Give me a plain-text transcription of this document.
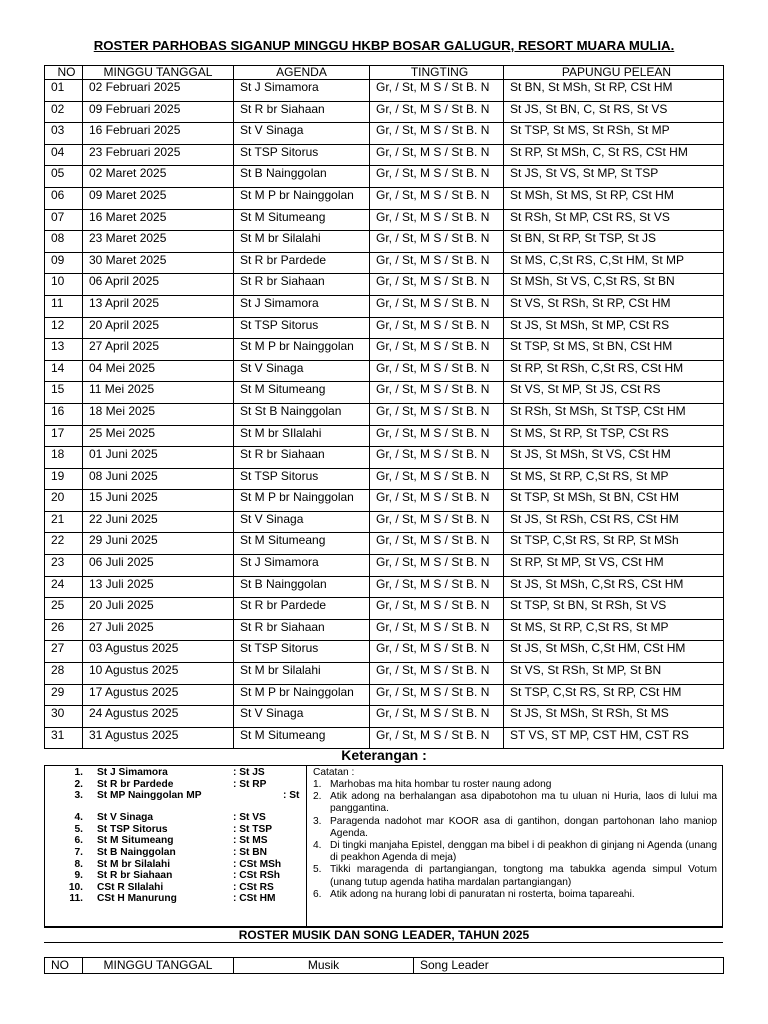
ROSTER PARHOBAS SIGANUP MINGGU HKBP BOSAR GALUGUR, RESORT MUARA MULIA.
NO	MINGGU TANGGAL	AGENDA	TINGTING	PAPUNGU PELEAN
01	02 Februari 2025	St J Simamora	Gr, / St, M S / St B. N	St BN, St MSh, St RP, CSt HM
02	09 Februari 2025	St R br Siahaan	Gr, / St, M S / St B. N	St JS, St BN, C, St RS, St VS
03	16 Februari 2025	St V Sinaga	Gr, / St, M S / St B. N	St TSP, St MS, St RSh, St MP
04	23 Februari 2025	St TSP Sitorus	Gr, / St, M S / St B. N	St RP, St MSh, C, St RS, CSt HM
05	02 Maret 2025	St B Nainggolan	Gr, / St, M S / St B. N	St JS, St VS, St MP, St TSP
06	09 Maret 2025	St M P br Nainggolan	Gr, / St, M S / St B. N	St MSh, St MS, St RP, CSt HM
07	16 Maret 2025	St M Situmeang	Gr, / St, M S / St B. N	St RSh, St MP, CSt RS, St VS
08	23 Maret 2025	St M br Silalahi	Gr, / St, M S / St B. N	St BN, St RP, St TSP, St JS
09	30 Maret 2025	St R br Pardede	Gr, / St, M S / St B. N	St MS, C,St RS, C,St HM, St MP
10	06 April 2025	St R br Siahaan	Gr, / St, M S / St B. N	St MSh, St VS, C,St RS, St BN
11	13 April 2025	St J Simamora	Gr, / St, M S / St B. N	St VS, St RSh, St RP, CSt HM
12	20 April 2025	St TSP Sitorus	Gr, / St, M S / St B. N	St JS, St MSh, St MP, CSt RS
13	27 April 2025	St M P br Nainggolan	Gr, / St, M S / St B. N	St TSP, St MS, St BN, CSt HM
14	04 Mei 2025	St V Sinaga	Gr, / St, M S / St B. N	St RP, St RSh, C,St RS, CSt HM
15	11 Mei 2025	St M Situmeang	Gr, / St, M S / St B. N	St VS, St MP, St JS, CSt RS
16	18 Mei 2025	St St B Nainggolan	Gr, / St, M S / St B. N	St RSh, St MSh, St TSP, CSt HM
17	25 Mei 2025	St M br SIlalahi	Gr, / St, M S / St B. N	St MS, St RP, St TSP, CSt RS
18	01 Juni 2025	St R br Siahaan	Gr, / St, M S / St B. N	St JS, St MSh, St VS, CSt HM
19	08 Juni 2025	St TSP Sitorus	Gr, / St, M S / St B. N	St MS, St RP, C,St RS, St MP
20	15 Juni 2025	St M P br Nainggolan	Gr, / St, M S / St B. N	St TSP, St MSh, St BN, CSt HM
21	22 Juni 2025	St V Sinaga	Gr, / St, M S / St B. N	St JS, St RSh, CSt RS, CSt HM
22	29 Juni 2025	St M Situmeang	Gr, / St, M S / St B. N	St TSP, C,St RS, St RP, St MSh
23	06 Juli 2025	St J Simamora	Gr, / St, M S / St B. N	St RP, St MP, St VS, CSt HM
24	13 Juli 2025	St B Nainggolan	Gr, / St, M S / St B. N	St JS, St MSh, C,St RS, CSt HM
25	20 Juli 2025	St R br Pardede	Gr, / St, M S / St B. N	St TSP, St BN, St RSh, St VS
26	27 Juli 2025	St R br Siahaan	Gr, / St, M S / St B. N	St MS, St RP, C,St RS, St MP
27	03 Agustus 2025	St TSP Sitorus	Gr, / St, M S / St B. N	St JS, St MSh, C,St HM, CSt HM
28	10 Agustus 2025	St M br Silalahi	Gr, / St, M S / St B. N	St VS, St RSh, St MP, St BN
29	17 Agustus 2025	St M P br Nainggolan	Gr, / St, M S / St B. N	St TSP, C,St RS, St RP, CSt HM
30	24 Agustus 2025	St V Sinaga	Gr, / St, M S / St B. N	St JS, St MSh, St RSh, St MS
31	31 Agustus 2025	St M Situmeang	Gr, / St, M S / St B. N	ST VS, ST MP, CST HM, CST RS
Keterangan :
1. St J Simamora	: St JS
2. St R br Pardede	: St RP
3. St MP Nainggolan MP	: St
4. St V Sinaga	: St VS
5. St TSP Sitorus	: St TSP
6. St M Situmeang	: St MS
7. St B Nainggolan	: St BN
8. St M br Silalahi	: CSt MSh
9. St R br Siahaan	: CSt RSh
10. CSt R SIlalahi	: CSt RS
11. CSt H Manurung	: CSt HM
Catatan :
1. Marhobas ma hita hombar tu roster naung adong
2. Atik adong na berhalangan asa dipabotohon ma tu uluan ni Huria, laos di lului ma panggantina.
3. Paragenda nadohot mar KOOR asa di gantihon, dongan partohonan laho maniop Agenda.
4. Di tingki manjaha Epistel, denggan ma bibel i di peakhon di ginjang ni Agenda (unang di peakhon Agenda di meja)
5. Tikki maragenda di partangiangan, tongtong ma tabukka agenda simpul Votum (unang tutup agenda hatiha mardalan partangiangan)
6. Atik adong na hurang lobi di panuratan ni rosterta, boima tapareahi.
ROSTER MUSIK DAN SONG LEADER, TAHUN 2025
NO	MINGGU TANGGAL	Musik	Song Leader
